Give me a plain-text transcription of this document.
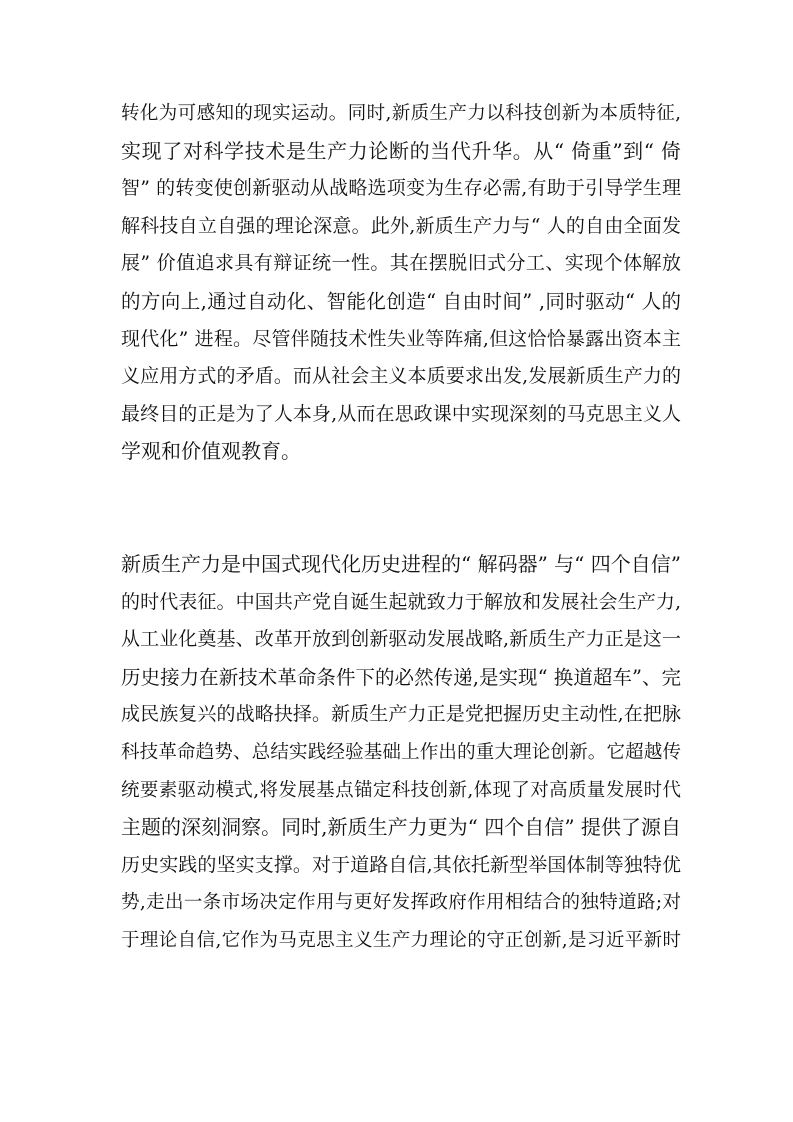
转化为可感知的现实运动。同时,新质生产力以科技创新为本质特征,
实现了对科学技术是生产力论断的当代升华。从“ 倚重”到“ 倚
智” 的转变使创新驱动从战略选项变为生存必需,有助于引导学生理
解科技自立自强的理论深意。此外,新质生产力与“ 人的自由全面发
展” 价值追求具有辩证统一性。其在摆脱旧式分工、实现个体解放
的方向上,通过自动化、智能化创造“ 自由时间” ,同时驱动“ 人的
现代化” 进程。尽管伴随技术性失业等阵痛,但这恰恰暴露出资本主
义应用方式的矛盾。而从社会主义本质要求出发,发展新质生产力的
最终目的正是为了人本身,从而在思政课中实现深刻的马克思主义人
学观和价值观教育。
新质生产力是中国式现代化历史进程的“ 解码器” 与“ 四个自信”
的时代表征。中国共产党自诞生起就致力于解放和发展社会生产力,
从工业化奠基、改革开放到创新驱动发展战略,新质生产力正是这一
历史接力在新技术革命条件下的必然传递,是实现“ 换道超车”、完
成民族复兴的战略抉择。新质生产力正是党把握历史主动性,在把脉
科技革命趋势、总结实践经验基础上作出的重大理论创新。它超越传
统要素驱动模式,将发展基点锚定科技创新,体现了对高质量发展时代
主题的深刻洞察。同时,新质生产力更为“ 四个自信” 提供了源自
历史实践的坚实支撑。对于道路自信,其依托新型举国体制等独特优
势,走出一条市场决定作用与更好发挥政府作用相结合的独特道路;对
于理论自信,它作为马克思主义生产力理论的守正创新,是习近平新时
